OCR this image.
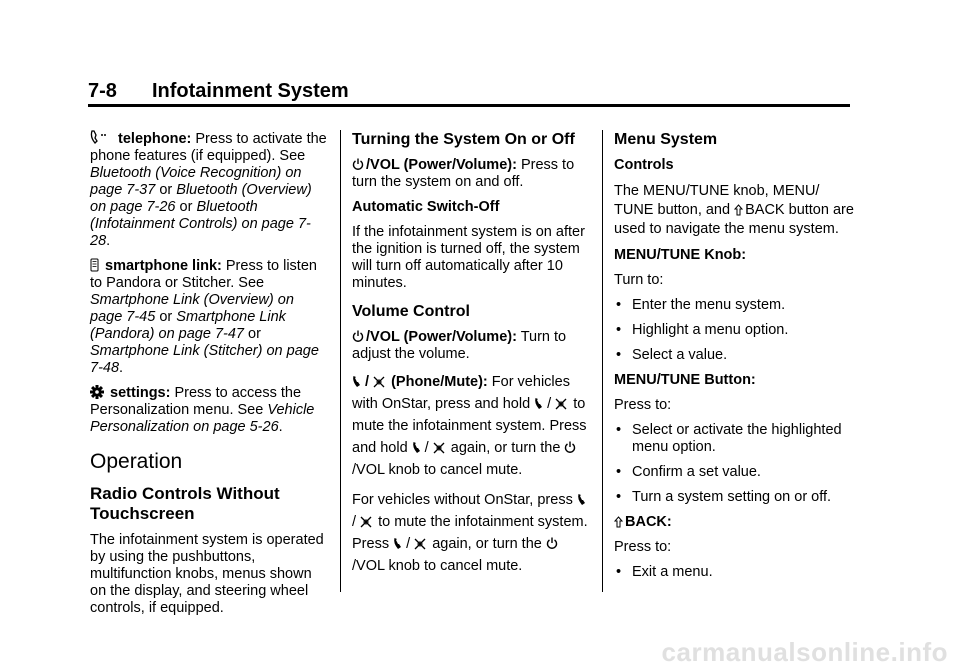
7-8 Infotainment System

telephone: Press to activate the phone features (if equipped). See Bluetooth (Voice Recognition) on page 7-37 or Bluetooth (Overview) on page 7-26 or Bluetooth (Infotainment Controls) on page 7-28.

smartphone link: Press to listen to Pandora or Stitcher. See Smartphone Link (Overview) on page 7-45 or Smartphone Link (Pandora) on page 7-47 or Smartphone Link (Stitcher) on page 7-48.

settings: Press to access the Personalization menu. See Vehicle Personalization on page 5-26.

Operation
Radio Controls Without Touchscreen

The infotainment system is operated by using the pushbuttons, multifunction knobs, menus shown on the display, and steering wheel controls, if equipped.

Turning the System On or Off

/VOL (Power/Volume): Press to turn the system on and off.

Automatic Switch-Off

If the infotainment system is on after the ignition is turned off, the system will turn off automatically after 10 minutes.

Volume Control

/VOL (Power/Volume): Turn to adjust the volume.

/ (Phone/Mute): For vehicles with OnStar, press and hold / to mute the infotainment system. Press and hold / again, or turn the /VOL knob to cancel mute.

For vehicles without OnStar, press / to mute the infotainment system. Press / again, or turn the /VOL knob to cancel mute.

Menu System

Controls

The MENU/TUNE knob, MENU/ TUNE button, and BACK button are used to navigate the menu system.

MENU/TUNE Knob:

Turn to:

• Enter the menu system.
• Highlight a menu option.
• Select a value.

MENU/TUNE Button:

Press to:

• Select or activate the highlighted menu option.
• Confirm a set value.
• Turn a system setting on or off.

BACK:

Press to:

• Exit a menu.
carmanualsonline.info
